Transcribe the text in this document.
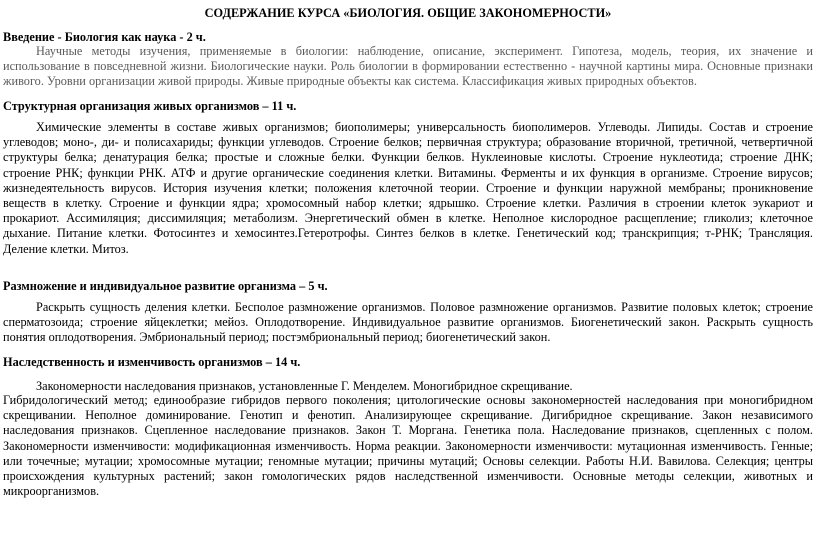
СОДЕРЖАНИЕ КУРСА «БИОЛОГИЯ. ОБЩИЕ ЗАКОНОМЕРНОСТИ»
Введение - Биология как наука - 2 ч.
Научные методы изучения, применяемые в биологии: наблюдение, описание, эксперимент. Гипотеза, модель, теория, их значение и
использование в повседневной жизни. Биологические науки. Роль биологии в формировании естественно - научной картины мира. Основные признаки
живого. Уровни организации живой природы. Живые природные объекты как система. Классификация живых природных объектов.
Структурная организация живых организмов – 11 ч.
Химические элементы в составе живых организмов; биополимеры; универсальность биополимеров. Углеводы. Липиды. Состав и строение
углеводов; моно-, ди- и полисахариды; функции углеводов. Строение белков; первичная структура; образование вторичной, третичной, четвертичной
структуры белка; денатурация белка; простые и сложные белки. Функции белков. Нуклеиновые кислоты. Строение нуклеотида; строение ДНК;
строение РНК; функции РНК. АТФ и другие органические соединения клетки. Витамины. Ферменты и их функция в организме. Строение вирусов;
жизнедеятельность вирусов. История изучения клетки; положения клеточной теории. Строение и функции наружной мембраны; проникновение
веществ в клетку. Строение и функции ядра; хромосомный набор клетки; ядрышко. Строение клетки. Различия в строении клеток эукариот и
прокариот. Ассимиляция; диссимиляция; метаболизм. Энергетический обмен в клетке. Неполное кислородное расщепление; гликолиз; клеточное
дыхание. Питание клетки. Фотосинтез и хемосинтез.Гетеротрофы. Синтез белков в клетке. Генетический код; транскрипция; т-РНК; Трансляция.
Деление клетки. Митоз.
Размножение и индивидуальное развитие организма – 5 ч.
Раскрыть сущность деления клетки. Бесполое размножение организмов. Половое размножение организмов. Развитие половых клеток; строение
сперматозоида; строение яйцеклетки; мейоз. Оплодотворение. Индивидуальное развитие организмов. Биогенетический закон. Раскрыть сущность
понятия оплодотворения. Эмбриональный период; постэмбриональный период; биогенетический закон.
Наследственность и изменчивость организмов – 14 ч.
Закономерности наследования признаков, установленные Г. Менделем. Моногибридное скрещивание.
Гибридологический метод; единообразие гибридов первого поколения; цитологические основы закономерностей наследования при моногибридном
скрещивании. Неполное доминирование. Генотип и фенотип. Анализирующее скрещивание. Дигибридное скрещивание. Закон независимого
наследования признаков. Сцепленное наследование признаков. Закон Т. Моргана. Генетика пола. Наследование признаков, сцепленных с полом.
Закономерности изменчивости: модификационная изменчивость. Норма реакции. Закономерности изменчивости: мутационная изменчивость. Генные;
или точечные; мутации; хромосомные мутации; геномные мутации; причины мутаций; Основы селекции. Работы Н.И. Вавилова. Селекция; центры
происхождения культурных растений; закон гомологических рядов наследственной изменчивости. Основные методы селекции, животных и
микроорганизмов.
